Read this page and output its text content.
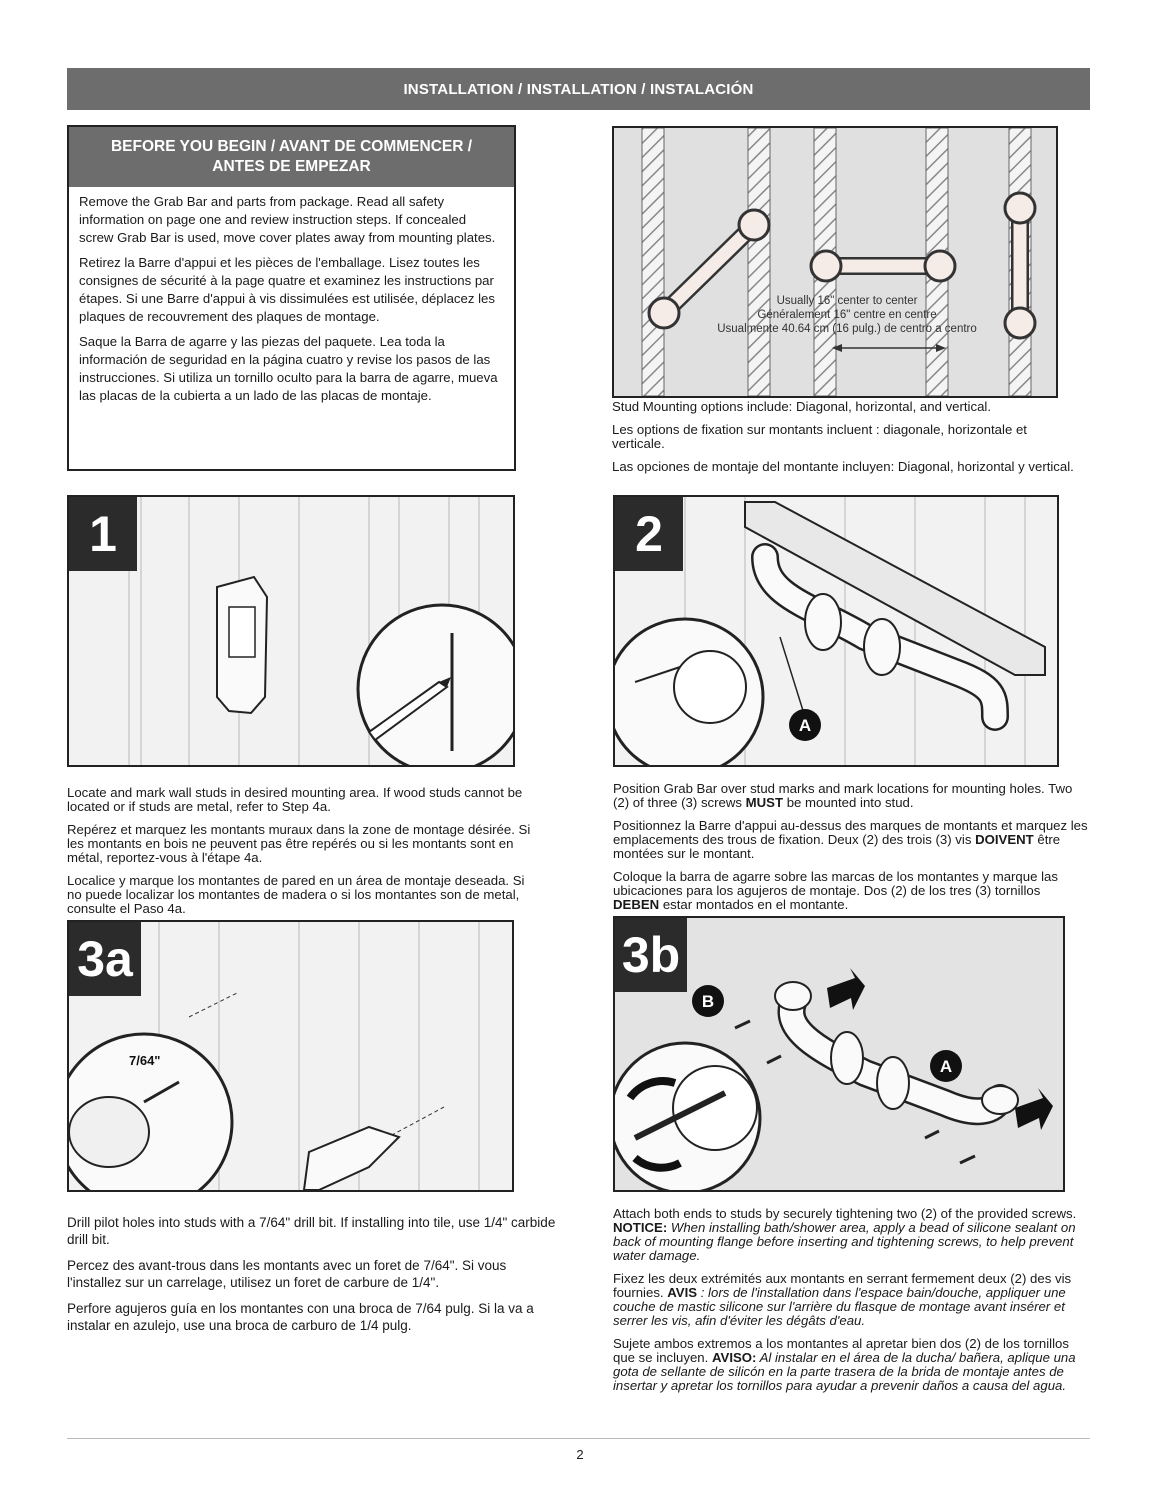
INSTALLATION / INSTALLATION / INSTALACIÓN
BEFORE YOU BEGIN / AVANT DE COMMENCER / ANTES DE EMPEZAR

Remove the Grab Bar and parts from package. Read all safety information on page one and review instruction steps. If concealed screw Grab Bar is used, move cover plates away from mounting plates.

Retirez la Barre d'appui et les pièces de l'emballage. Lisez toutes les consignes de sécurité à la page quatre et examinez les instructions par étapes. Si une Barre d'appui à vis dissimulées est utilisée, déplacez les plaques de recouvrement des plaques de montage.

Saque la Barra de agarre y las piezas del paquete. Lea toda la información de seguridad en la página cuatro y revise los pasos de las instrucciones. Si utiliza un tornillo oculto para la barra de agarre, mueva las placas de la cubierta a un lado de las placas de montaje.

Usually 16" center to center
Généralement 16" centre en centre
Usualmente 40.64 cm (16 pulg.) de centro a centro

Stud Mounting options include: Diagonal, horizontal, and vertical.

Les options de fixation sur montants incluent : diagonale, horizontale et verticale.

Las opciones de montaje del montante incluyen: Diagonal, horizontal y vertical.

1

Locate and mark wall studs in desired mounting area. If wood studs cannot be located or if studs are metal, refer to Step 4a.

Repérez et marquez les montants muraux dans la zone de montage désirée. Si les montants en bois ne peuvent pas être repérés ou si les montants sont en métal, reportez-vous à l'étape 4a.

Localice y marque los montantes de pared en un área de montaje deseada. Si no puede localizar los montantes de madera o si los montantes son de metal, consulte el Paso 4a.

A
2

Position Grab Bar over stud marks and mark locations for mounting holes. Two (2) of three (3) screws MUST be mounted into stud.

Positionnez la Barre d'appui au-dessus des marques de montants et marquez les emplacements des trous de fixation. Deux (2) des trois (3) vis DOIVENT être montées sur le montant.

Coloque la barra de agarre sobre las marcas de los montantes y marque las ubicaciones para los agujeros de montaje. Dos (2) de los tres (3) tornillos DEBEN estar montados en el montante.

7/64"
3a

Drill pilot holes into studs with a 7/64" drill bit. If installing into tile, use 1/4" carbide drill bit.

Percez des avant-trous dans les montants avec un foret de 7/64". Si vous l'installez sur un carrelage, utilisez un foret de carbure de 1/4".

Perfore agujeros guía en los montantes con una broca de 7/64 pulg. Si la va a instalar en azulejo, use una broca de carburo de 1/4 pulg.

B
A
3b

Attach both ends to studs by securely tightening two (2) of the provided screws. NOTICE: When installing bath/shower area, apply a bead of silicone sealant on back of mounting flange before inserting and tightening screws, to help prevent water damage.

Fixez les deux extrémités aux montants en serrant fermement deux (2) des vis fournies. AVIS : lors de l'installation dans l'espace bain/douche, appliquer une couche de mastic silicone sur l'arrière du flasque de montage avant insérer et serrer les vis, afin d'éviter les dégâts d'eau.

Sujete ambos extremos a los montantes al apretar bien dos (2) de los tornillos que se incluyen. AVISO: Al instalar en el área de la ducha/ bañera, aplique una gota de sellante de silicón en la parte trasera de la brida de montaje antes de insertar y apretar los tornillos para ayudar a prevenir daños a causa del agua.

2
